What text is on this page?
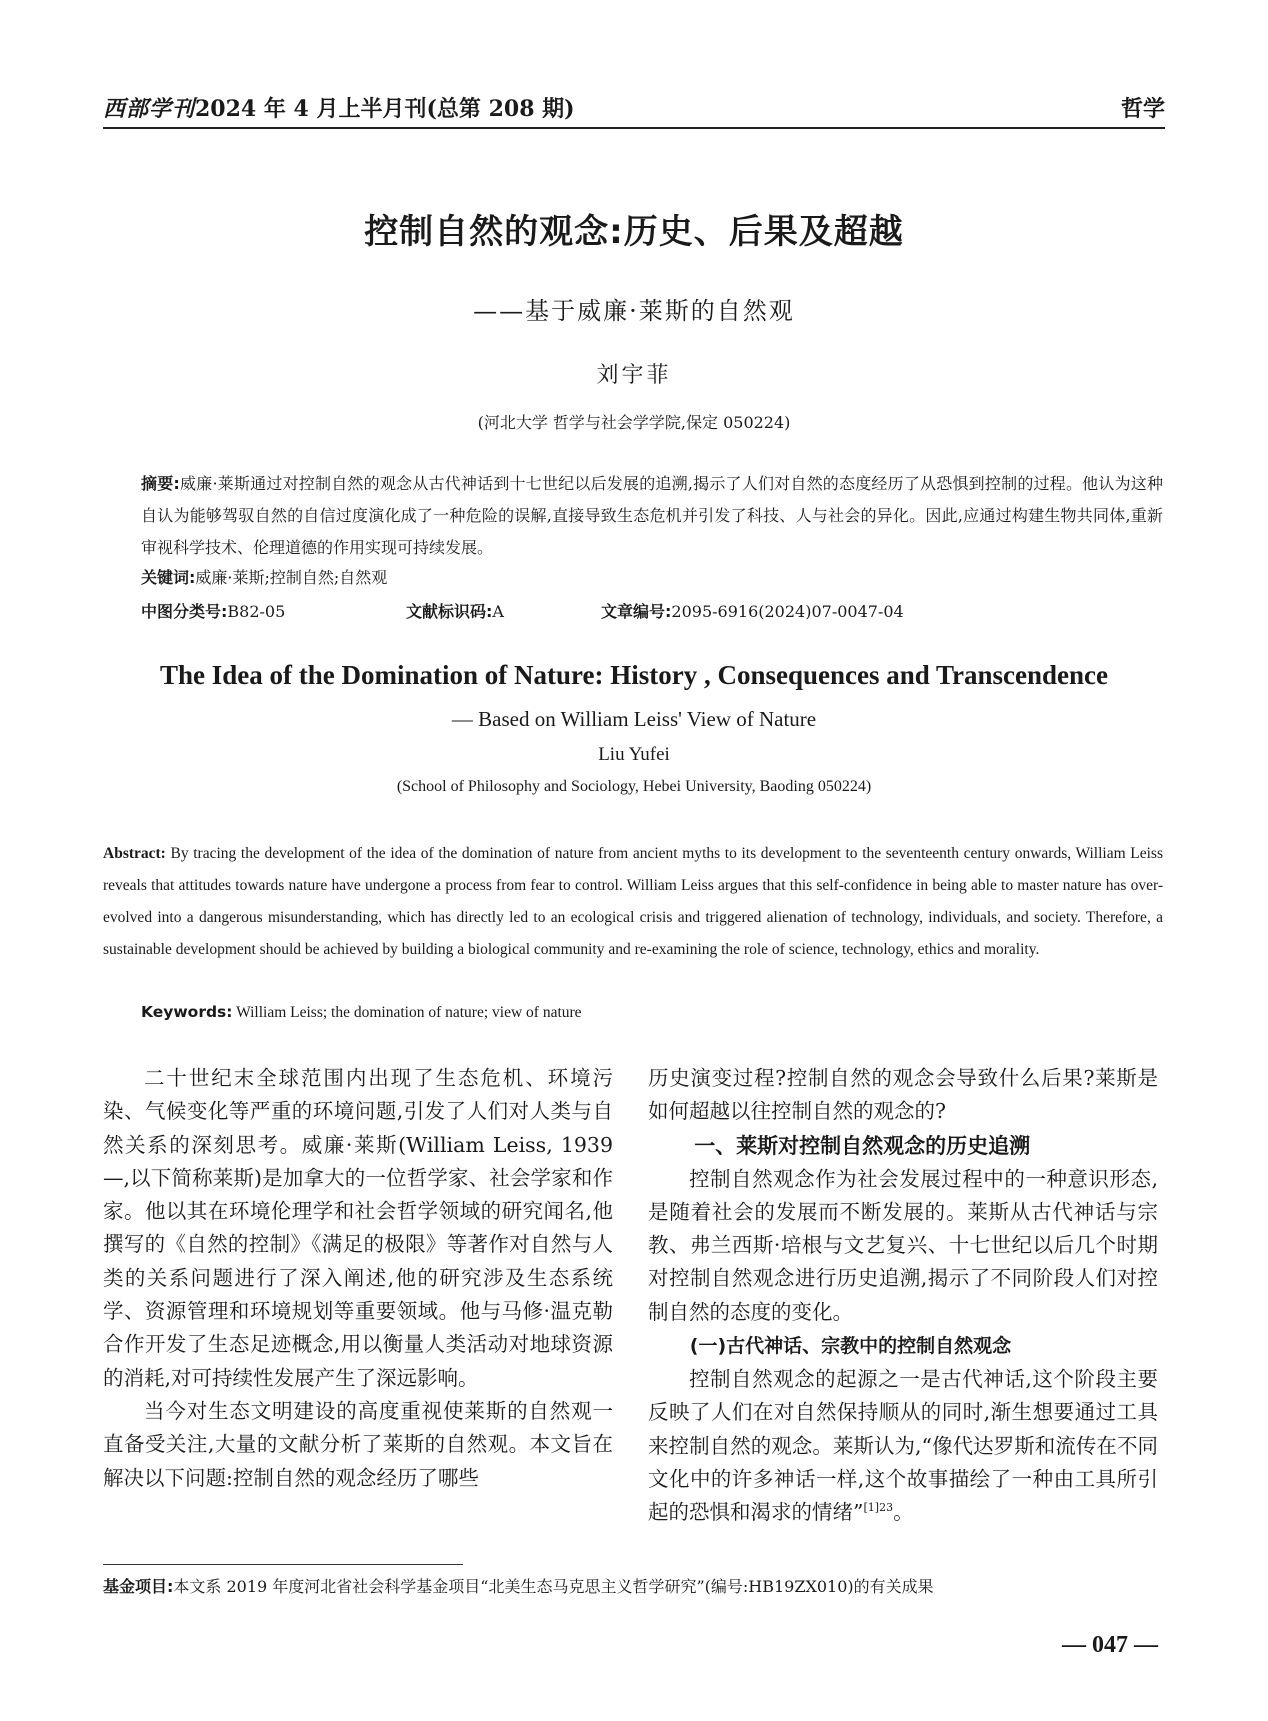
西部学刊 2024 年 4 月上半月刊(总第 208 期)	哲学
控制自然的观念:历史、后果及超越
——基于威廉·莱斯的自然观
刘宇菲
(河北大学 哲学与社会学学院,保定 050224)
摘要:威廉·莱斯通过对控制自然的观念从古代神话到十七世纪以后发展的追溯,揭示了人们对自然的态度经历了从恐惧到控制的过程。他认为这种自认为能够驾驭自然的自信过度演化成了一种危险的误解,直接导致生态危机并引发了科技、人与社会的异化。因此,应通过构建生物共同体,重新审视科学技术、伦理道德的作用实现可持续发展。
关键词:威廉·莱斯;控制自然;自然观
中图分类号:B82-05	文献标识码:A	文章编号:2095-6916(2024)07-0047-04
The Idea of the Domination of Nature: History , Consequences and Transcendence
— Based on William Leiss' View of Nature
Liu Yufei
(School of Philosophy and Sociology, Hebei University, Baoding 050224)
Abstract: By tracing the development of the idea of the domination of nature from ancient myths to its development to the seventeenth century onwards, William Leiss reveals that attitudes towards nature have undergone a process from fear to control. William Leiss argues that this self-confidence in being able to master nature has over-evolved into a dangerous misunderstanding, which has directly led to an ecological crisis and triggered alienation of technology, individuals, and society. Therefore, a sustainable development should be achieved by building a biological community and re-examining the role of science, technology, ethics and morality.
Keywords: William Leiss; the domination of nature; view of nature

二十世纪末全球范围内出现了生态危机、环境污染、气候变化等严重的环境问题,引发了人们对人类与自然关系的深刻思考。威廉·莱斯(William Leiss, 1939—,以下简称莱斯)是加拿大的一位哲学家、社会学家和作家。他以其在环境伦理学和社会哲学领域的研究闻名,他撰写的《自然的控制》《满足的极限》等著作对自然与人类的关系问题进行了深入阐述,他的研究涉及生态系统学、资源管理和环境规划等重要领域。他与马修·温克勒合作开发了生态足迹概念,用以衡量人类活动对地球资源的消耗,对可持续性发展产生了深远影响。

当今对生态文明建设的高度重视使莱斯的自然观一直备受关注,大量的文献分析了莱斯的自然观。本文旨在解决以下问题:控制自然的观念经历了哪些

历史演变过程?控制自然的观念会导致什么后果?莱斯是如何超越以往控制自然的观念的?

一、莱斯对控制自然观念的历史追溯

控制自然观念作为社会发展过程中的一种意识形态,是随着社会的发展而不断发展的。莱斯从古代神话与宗教、弗兰西斯·培根与文艺复兴、十七世纪以后几个时期对控制自然观念进行历史追溯,揭示了不同阶段人们对控制自然的态度的变化。

(一)古代神话、宗教中的控制自然观念

控制自然观念的起源之一是古代神话,这个阶段主要反映了人们在对自然保持顺从的同时,渐生想要通过工具来控制自然的观念。莱斯认为,“像代达罗斯和流传在不同文化中的许多神话一样,这个故事描绘了一种由工具所引起的恐惧和渴求的情绪”$^{[1]23}$。

基金项目:本文系 2019 年度河北省社会科学基金项目“北美生态马克思主义哲学研究”(编号:HB19ZX010)的有关成果
— 047 —
